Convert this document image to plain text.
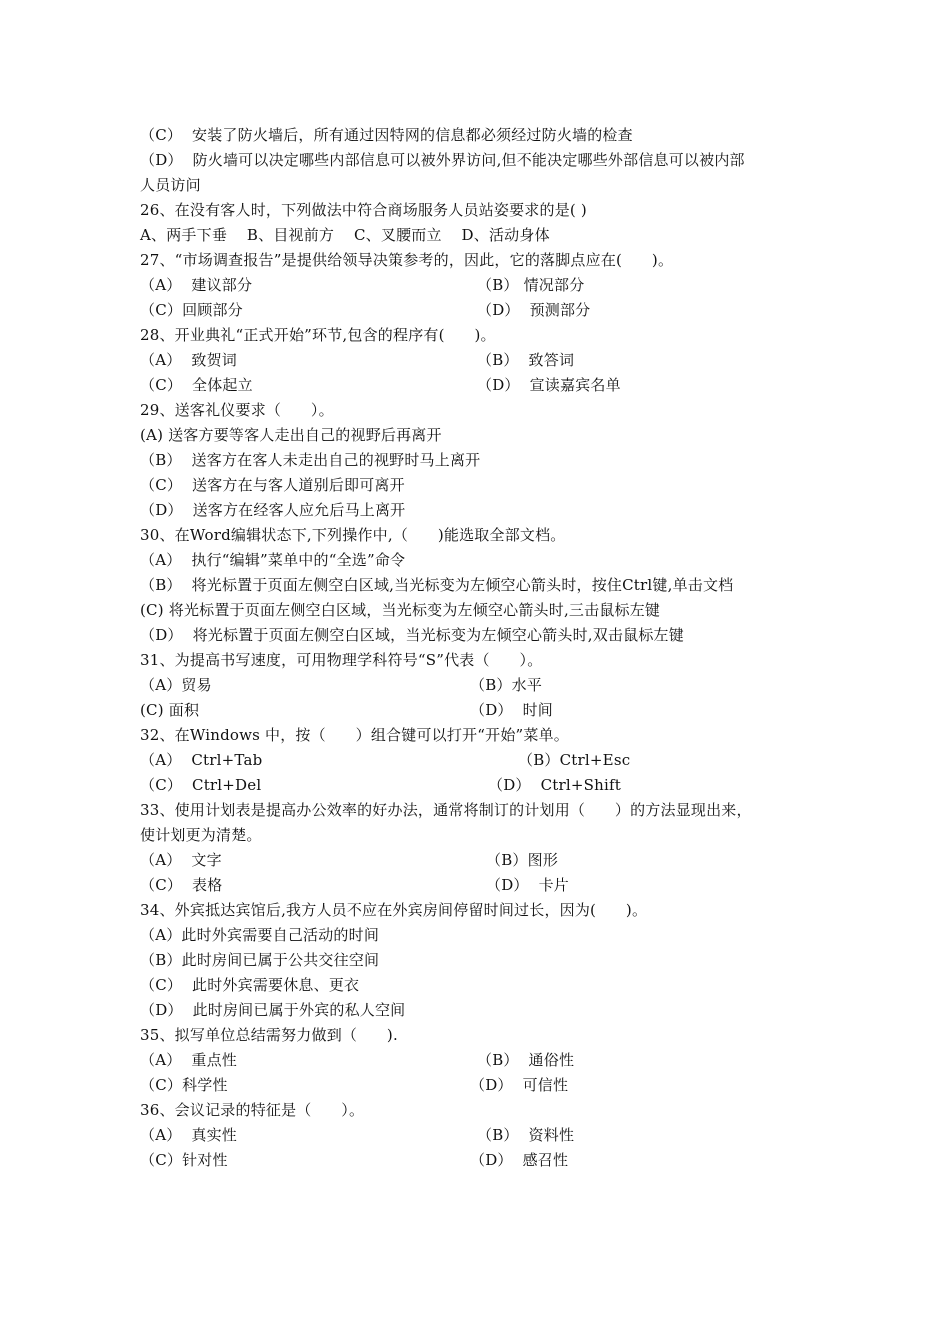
（C）  安装了防火墙后，所有通过因特网的信息都必须经过防火墙的检查
（D）  防火墙可以决定哪些内部信息可以被外界访问,但不能决定哪些外部信息可以被内部
人员访问
26、在没有客人时，下列做法中符合商场服务人员站姿要求的是( )
A、两手下垂    B、目视前方    C、叉腰而立    D、活动身体
27、“市场调查报告”是提供给领导决策参考的，因此，它的落脚点应在(      )。
（A）  建议部分	（B） 情况部分
（C）回顾部分	（D）  预测部分
28、开业典礼“正式开始”环节,包含的程序有(      )。
（A）  致贺词	（B）  致答词
（C）  全体起立	（D）  宣读嘉宾名单
29、送客礼仪要求（      ）。
(A) 送客方要等客人走出自己的视野后再离开
（B）  送客方在客人未走出自己的视野时马上离开
（C）  送客方在与客人道别后即可离开
（D）  送客方在经客人应允后马上离开
30、在Word编辑状态下,下列操作中,（      )能选取全部文档。
（A）  执行“编辑”菜单中的“全选”命令
（B）  将光标置于页面左侧空白区域,当光标变为左倾空心箭头时，按住Ctrl键,单击文档
(C) 将光标置于页面左侧空白区域，当光标变为左倾空心箭头时,三击鼠标左键
（D）  将光标置于页面左侧空白区域，当光标变为左倾空心箭头时,双击鼠标左键
31、为提高书写速度，可用物理学科符号“S”代表（      ）。
（A）贸易	（B）水平
(C) 面积	（D）  时间
32、在Windows 中，按（      ）组合键可以打开“开始”菜单。
（A）  Ctrl+Tab	（B）Ctrl+Esc
（C）  Ctrl+Del	（D）  Ctrl+Shift
33、使用计划表是提高办公效率的好办法，通常将制订的计划用（      ）的方法显现出来，
使计划更为清楚。
（A）  文字	（B）图形
（C）  表格	（D）  卡片
34、外宾抵达宾馆后,我方人员不应在外宾房间停留时间过长，因为(      )。
（A）此时外宾需要自己活动的时间
（B）此时房间已属于公共交往空间
（C）  此时外宾需要休息、更衣
（D）  此时房间已属于外宾的私人空间
35、拟写单位总结需努力做到（      ).
（A）  重点性	（B）  通俗性
（C）科学性	（D）  可信性
36、会议记录的特征是（      ）。
（A）  真实性	（B）  资料性
（C）针对性	（D）  感召性
